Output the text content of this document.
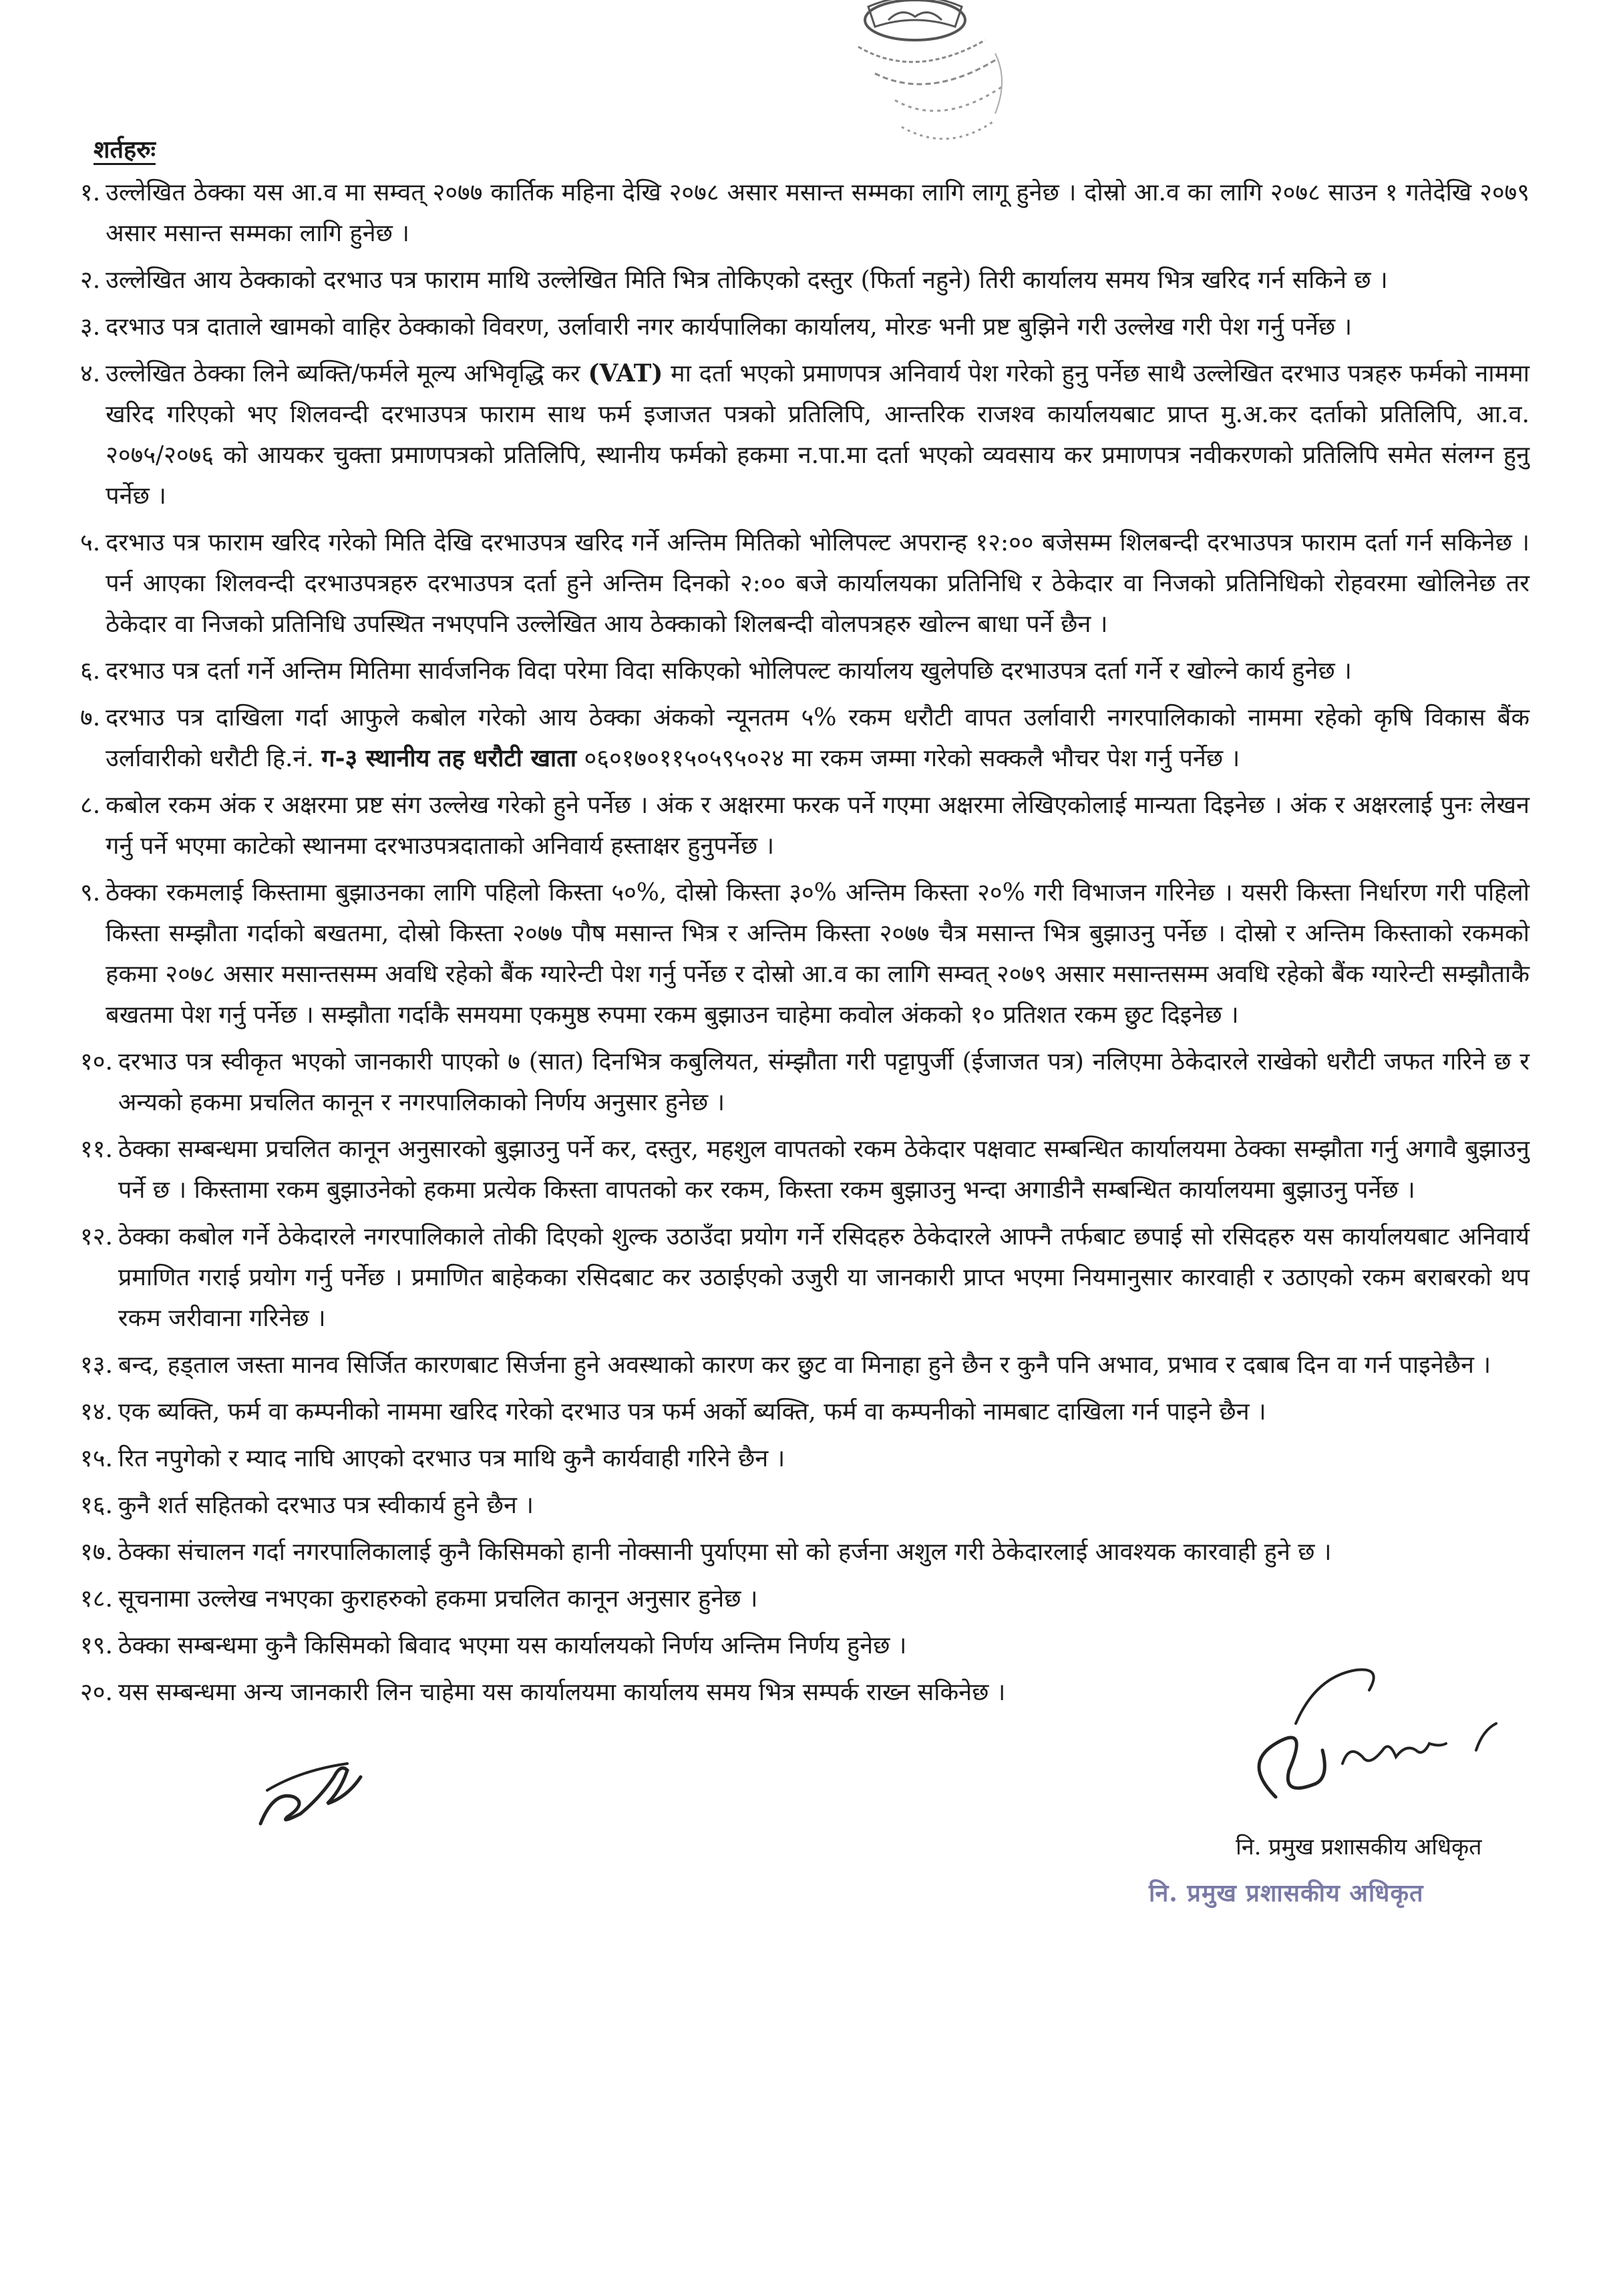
शर्तहरुः
१. उल्लेखित ठेक्का यस आ.व मा सम्वत् २०७७ कार्तिक महिना देखि २०७८ असार मसान्त सम्मका लागि लागू हुनेछ । दोस्रो आ.व का लागि २०७८ साउन १ गतेदेखि २०७९ असार मसान्त सम्मका लागि हुनेछ ।
२. उल्लेखित आय ठेक्काको दरभाउ पत्र फाराम माथि उल्लेखित मिति भित्र तोकिएको दस्तुर (फिर्ता नहुने) तिरी कार्यालय समय भित्र खरिद गर्न सकिने छ ।
३. दरभाउ पत्र दाताले खामको वाहिर ठेक्काको विवरण, उर्लावारी नगर कार्यपालिका कार्यालय, मोरङ भनी प्रष्ट बुझिने गरी उल्लेख गरी पेश गर्नु पर्नेछ ।
४. उल्लेखित ठेक्का लिने ब्यक्ति/फर्मले मूल्य अभिवृद्धि कर (VAT) मा दर्ता भएको प्रमाणपत्र अनिवार्य पेश गरेको हुनु पर्नेछ साथै उल्लेखित दरभाउ पत्रहरु फर्मको नाममा खरिद गरिएको भए शिलवन्दी दरभाउपत्र फाराम साथ फर्म इजाजत पत्रको प्रतिलिपि, आन्तरिक राजश्व कार्यालयबाट प्राप्त मु.अ.कर दर्ताको प्रतिलिपि, आ.व. २०७५/२०७६ को आयकर चुक्ता प्रमाणपत्रको प्रतिलिपि, स्थानीय फर्मको हकमा न.पा.मा दर्ता भएको व्यवसाय कर प्रमाणपत्र नवीकरणको प्रतिलिपि समेत संलग्न हुनु पर्नेछ ।
५. दरभाउ पत्र फाराम खरिद गरेको मिति देखि दरभाउपत्र खरिद गर्ने अन्तिम मितिको भोलिपल्ट अपरान्ह १२:०० बजेसम्म शिलबन्दी दरभाउपत्र फाराम दर्ता गर्न सकिनेछ । पर्न आएका शिलवन्दी दरभाउपत्रहरु दरभाउपत्र दर्ता हुने अन्तिम दिनको २:०० बजे कार्यालयका प्रतिनिधि र ठेकेदार वा निजको प्रतिनिधिको रोहवरमा खोलिनेछ तर ठेकेदार वा निजको प्रतिनिधि उपस्थित नभएपनि उल्लेखित आय ठेक्काको शिलबन्दी वोलपत्रहरु खोल्न बाधा पर्ने छैन ।
६. दरभाउ पत्र दर्ता गर्ने अन्तिम मितिमा सार्वजनिक विदा परेमा विदा सकिएको भोलिपल्ट कार्यालय खुलेपछि दरभाउपत्र दर्ता गर्ने र खोल्ने कार्य हुनेछ ।
७. दरभाउ पत्र दाखिला गर्दा आफुले कबोल गरेको आय ठेक्का अंकको न्यूनतम ५% रकम धरौटी वापत उर्लावारी नगरपालिकाको नाममा रहेको कृषि विकास बैंक उर्लावारीको धरौटी हि.नं. ग-३ स्थानीय तह धरौटी खाता ०६०१७०११५०५९५०२४ मा रकम जम्मा गरेको सक्कलै भौचर पेश गर्नु पर्नेछ ।
८. कबोल रकम अंक र अक्षरमा प्रष्ट संग उल्लेख गरेको हुने पर्नेछ । अंक र अक्षरमा फरक पर्ने गएमा अक्षरमा लेखिएकोलाई मान्यता दिइनेछ । अंक र अक्षरलाई पुनः लेखन गर्नु पर्ने भएमा काटेको स्थानमा दरभाउपत्रदाताको अनिवार्य हस्ताक्षर हुनुपर्नेछ ।
९. ठेक्का रकमलाई किस्तामा बुझाउनका लागि पहिलो किस्ता ५०%, दोस्रो किस्ता ३०% अन्तिम किस्ता २०% गरी विभाजन गरिनेछ । यसरी किस्ता निर्धारण गरी पहिलो किस्ता सम्झौता गर्दाको बखतमा, दोस्रो किस्ता २०७७ पौष मसान्त भित्र र अन्तिम किस्ता २०७७ चैत्र मसान्त भित्र बुझाउनु पर्नेछ । दोस्रो र अन्तिम किस्ताको रकमको हकमा २०७८ असार मसान्तसम्म अवधि रहेको बैंक ग्यारेन्टी पेश गर्नु पर्नेछ र दोस्रो आ.व का लागि सम्वत् २०७९ असार मसान्तसम्म अवधि रहेको बैंक ग्यारेन्टी सम्झौताकै बखतमा पेश गर्नु पर्नेछ । सम्झौता गर्दाकै समयमा एकमुष्ठ रुपमा रकम बुझाउन चाहेमा कवोल अंकको १० प्रतिशत रकम छुट दिइनेछ ।
१०. दरभाउ पत्र स्वीकृत भएको जानकारी पाएको ७ (सात) दिनभित्र कबुलियत, संम्झौता गरी पट्टापुर्जी (ईजाजत पत्र) नलिएमा ठेकेदारले राखेको धरौटी जफत गरिने छ र अन्यको हकमा प्रचलित कानून र नगरपालिकाको निर्णय अनुसार हुनेछ ।
११. ठेक्का सम्बन्धमा प्रचलित कानून अनुसारको बुझाउनु पर्ने कर, दस्तुर, महशुल वापतको रकम ठेकेदार पक्षवाट सम्बन्धित कार्यालयमा ठेक्का सम्झौता गर्नु अगावै बुझाउनु पर्ने छ । किस्तामा रकम बुझाउनेको हकमा प्रत्येक किस्ता वापतको कर रकम, किस्ता रकम बुझाउनु भन्दा अगाडीनै सम्बन्धित कार्यालयमा बुझाउनु पर्नेछ ।
१२. ठेक्का कबोल गर्ने ठेकेदारले नगरपालिकाले तोकी दिएको शुल्क उठाउँदा प्रयोग गर्ने रसिदहरु ठेकेदारले आफ्नै तर्फबाट छपाई सो रसिदहरु यस कार्यालयबाट अनिवार्य प्रमाणित गराई प्रयोग गर्नु पर्नेछ । प्रमाणित बाहेकका रसिदबाट कर उठाईएको उजुरी या जानकारी प्राप्त भएमा नियमानुसार कारवाही र उठाएको रकम बराबरको थप रकम जरीवाना गरिनेछ ।
१३. बन्द, हड्ताल जस्ता मानव सिर्जित कारणबाट सिर्जना हुने अवस्थाको कारण कर छुट वा मिनाहा हुने छैन र कुनै पनि अभाव, प्रभाव र दबाब दिन वा गर्न पाइनेछैन ।
१४. एक ब्यक्ति, फर्म वा कम्पनीको नाममा खरिद गरेको दरभाउ पत्र फर्म अर्को ब्यक्ति, फर्म वा कम्पनीको नामबाट दाखिला गर्न पाइने छैन ।
१५. रित नपुगेको र म्याद नाघि आएको दरभाउ पत्र माथि कुनै कार्यवाही गरिने छैन ।
१६. कुनै शर्त सहितको दरभाउ पत्र स्वीकार्य हुने छैन ।
१७. ठेक्का संचालन गर्दा नगरपालिकालाई कुनै किसिमको हानी नोक्सानी पुर्याएमा सो को हर्जना अशुल गरी ठेकेदारलाई आवश्यक कारवाही हुने छ ।
१८. सूचनामा उल्लेख नभएका कुराहरुको हकमा प्रचलित कानून अनुसार हुनेछ ।
१९. ठेक्का सम्बन्धमा कुनै किसिमको बिवाद भएमा यस कार्यालयको निर्णय अन्तिम निर्णय हुनेछ ।
२०. यस सम्बन्धमा अन्य जानकारी लिन चाहेमा यस कार्यालयमा कार्यालय समय भित्र सम्पर्क राख्न सकिनेछ ।
नि. प्रमुख प्रशासकीय अधिकृत
नि. प्रमुख प्रशासकीय अधिकृत
